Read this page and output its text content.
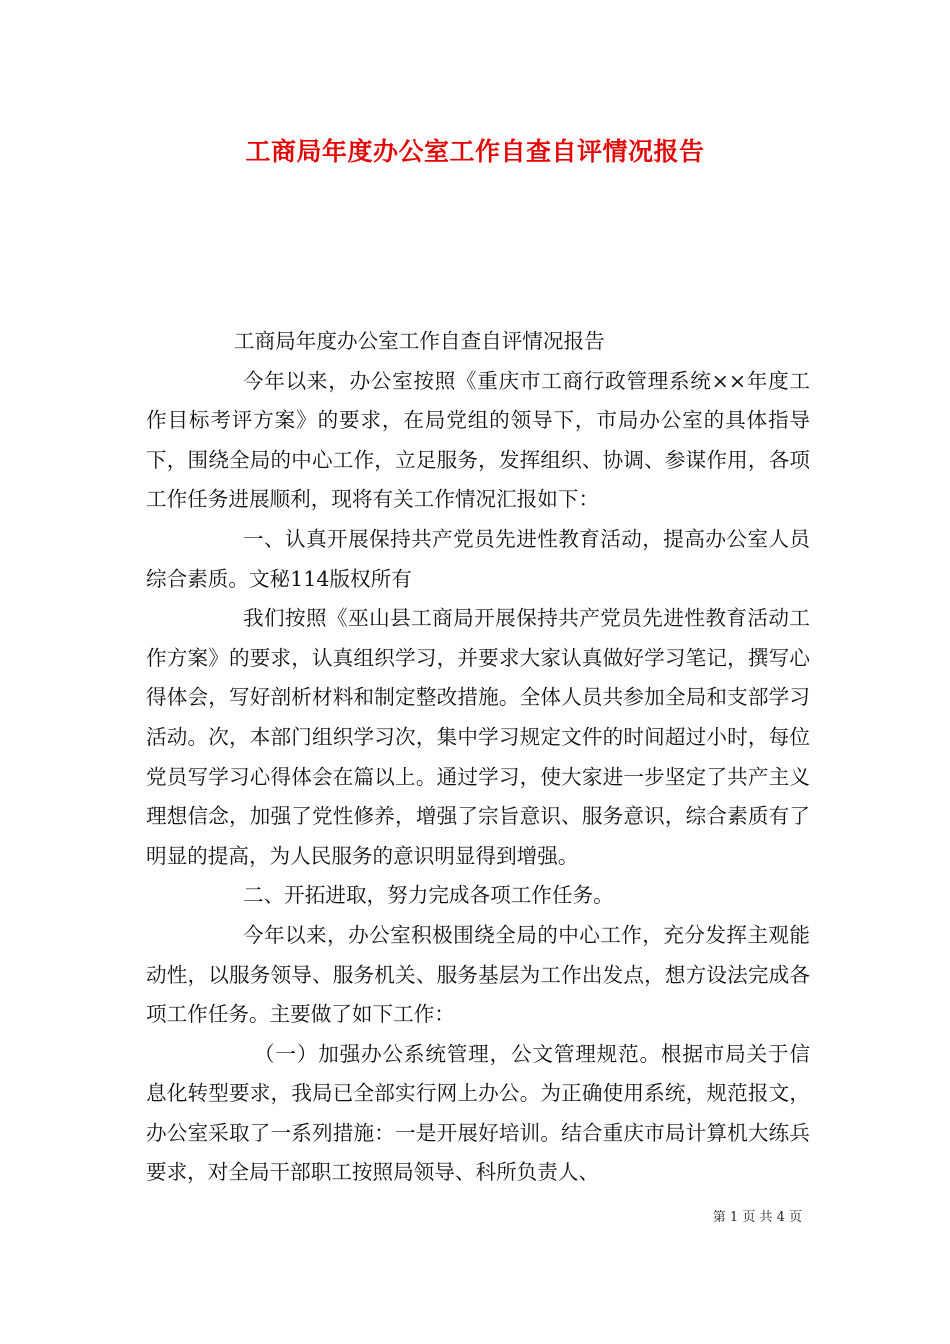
工商局年度办公室工作自查自评情况报告

工商局年度办公室工作自查自评情况报告

今年以来，办公室按照《重庆市工商行政管理系统××年度工作目标考评方案》的要求，在局党组的领导下，市局办公室的具体指导下，围绕全局的中心工作，立足服务，发挥组织、协调、参谋作用，各项工作任务进展顺利，现将有关工作情况汇报如下：

一、认真开展保持共产党员先进性教育活动，提高办公室人员综合素质。文秘114版权所有

我们按照《巫山县工商局开展保持共产党员先进性教育活动工作方案》的要求，认真组织学习，并要求大家认真做好学习笔记，撰写心得体会，写好剖析材料和制定整改措施。全体人员共参加全局和支部学习活动。次，本部门组织学习次，集中学习规定文件的时间超过小时，每位党员写学习心得体会在篇以上。通过学习，使大家进一步坚定了共产主义理想信念，加强了党性修养，增强了宗旨意识、服务意识，综合素质有了明显的提高，为人民服务的意识明显得到增强。

二、开拓进取，努力完成各项工作任务。

今年以来，办公室积极围绕全局的中心工作，充分发挥主观能动性，以服务领导、服务机关、服务基层为工作出发点，想方设法完成各项工作任务。主要做了如下工作：

（一）加强办公系统管理，公文管理规范。根据市局关于信息化转型要求，我局已全部实行网上办公。为正确使用系统，规范报文，办公室采取了一系列措施：一是开展好培训。结合重庆市局计算机大练兵要求，对全局干部职工按照局领导、科所负责人、

第 1 页 共 4 页
